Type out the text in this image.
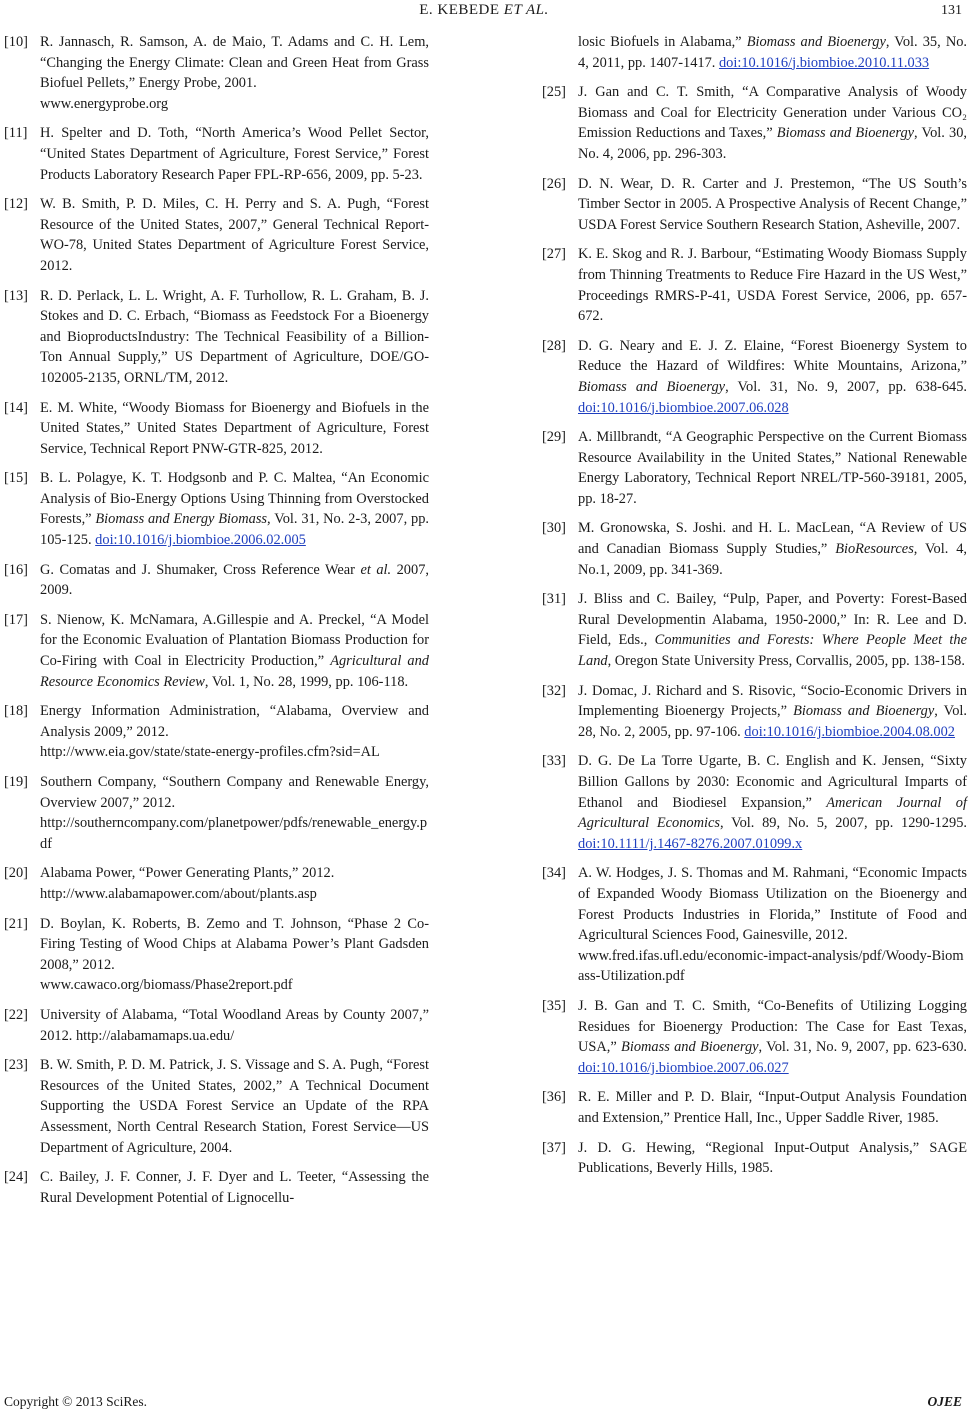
E. KEBEDE ET AL.	131
[10] R. Jannasch, R. Samson, A. de Maio, T. Adams and C. H. Lem, “Changing the Energy Climate: Clean and Green Heat from Grass Biofuel Pellets,” Energy Probe, 2001.
www.energyprobe.org
[11] H. Spelter and D. Toth, “North America’s Wood Pellet Sector, “United States Department of Agriculture, Forest Service,” Forest Products Laboratory Research Paper FPL-RP-656, 2009, pp. 5-23.
[12] W. B. Smith, P. D. Miles, C. H. Perry and S. A. Pugh, “Forest Resource of the United States, 2007,” General Technical Report-WO-78, United States Department of Agriculture Forest Service, 2012.
[13] R. D. Perlack, L. L. Wright, A. F. Turhollow, R. L. Graham, B. J. Stokes and D. C. Erbach, “Biomass as Feedstock For a Bioenergy and BioproductsIndustry: The Technical Feasibility of a Billion-Ton Annual Supply,” US Department of Agriculture, DOE/GO-102005-2135, ORNL/TM, 2012.
[14] E. M. White, “Woody Biomass for Bioenergy and Biofuels in the United States,” United States Department of Agriculture, Forest Service, Technical Report PNW-GTR-825, 2012.
[15] B. L. Polagye, K. T. Hodgsonb and P. C. Maltea, “An Economic Analysis of Bio-Energy Options Using Thinning from Overstocked Forests,” Biomass and Energy Biomass, Vol. 31, No. 2-3, 2007, pp. 105-125. doi:10.1016/j.biombioe.2006.02.005
[16] G. Comatas and J. Shumaker, Cross Reference Wear et al. 2007, 2009.
[17] S. Nienow, K. McNamara, A.Gillespie and A. Preckel, “A Model for the Economic Evaluation of Plantation Biomass Production for Co-Firing with Coal in Electricity Production,” Agricultural and Resource Economics Review, Vol. 1, No. 28, 1999, pp. 106-118.
[18] Energy Information Administration, “Alabama, Overview and Analysis 2009,” 2012.
http://www.eia.gov/state/state-energy-profiles.cfm?sid=AL
[19] Southern Company, “Southern Company and Renewable Energy, Overview 2007,” 2012.
http://southerncompany.com/planetpower/pdfs/renewable_energy.pdf
[20] Alabama Power, “Power Generating Plants,” 2012.
http://www.alabamapower.com/about/plants.asp
[21] D. Boylan, K. Roberts, B. Zemo and T. Johnson, “Phase 2 Co-Firing Testing of Wood Chips at Alabama Power’s Plant Gadsden 2008,” 2012.
www.cawaco.org/biomass/Phase2report.pdf
[22] University of Alabama, “Total Woodland Areas by County 2007,” 2012. http://alabamamaps.ua.edu/
[23] B. W. Smith, P. D. M. Patrick, J. S. Vissage and S. A. Pugh, “Forest Resources of the United States, 2002,” A Technical Document Supporting the USDA Forest Service an Update of the RPA Assessment, North Central Research Station, Forest Service—US Department of Agriculture, 2004.
[24] C. Bailey, J. F. Conner, J. F. Dyer and L. Teeter, “Assessing the Rural Development Potential of Lignocellu-
losic Biofuels in Alabama,” Biomass and Bioenergy, Vol. 35, No. 4, 2011, pp. 1407-1417. doi:10.1016/j.biombioe.2010.11.033
[25] J. Gan and C. T. Smith, “A Comparative Analysis of Woody Biomass and Coal for Electricity Generation under Various CO₂ Emission Reductions and Taxes,” Biomass and Bioenergy, Vol. 30, No. 4, 2006, pp. 296-303.
[26] D. N. Wear, D. R. Carter and J. Prestemon, “The US South’s Timber Sector in 2005. A Prospective Analysis of Recent Change,” USDA Forest Service Southern Research Station, Asheville, 2007.
[27] K. E. Skog and R. J. Barbour, “Estimating Woody Biomass Supply from Thinning Treatments to Reduce Fire Hazard in the US West,” Proceedings RMRS-P-41, USDA Forest Service, 2006, pp. 657-672.
[28] D. G. Neary and E. J. Z. Elaine, “Forest Bioenergy System to Reduce the Hazard of Wildfires: White Mountains, Arizona,” Biomass and Bioenergy, Vol. 31, No. 9, 2007, pp. 638-645. doi:10.1016/j.biombioe.2007.06.028
[29] A. Millbrandt, “A Geographic Perspective on the Current Biomass Resource Availability in the United States,” National Renewable Energy Laboratory, Technical Report NREL/TP-560-39181, 2005, pp. 18-27.
[30] M. Gronowska, S. Joshi. and H. L. MacLean, “A Review of US and Canadian Biomass Supply Studies,” BioResources, Vol. 4, No.1, 2009, pp. 341-369.
[31] J. Bliss and C. Bailey, “Pulp, Paper, and Poverty: Forest-Based Rural Developmentin Alabama, 1950-2000,” In: R. Lee and D. Field, Eds., Communities and Forests: Where People Meet the Land, Oregon State University Press, Corvallis, 2005, pp. 138-158.
[32] J. Domac, J. Richard and S. Risovic, “Socio-Economic Drivers in Implementing Bioenergy Projects,” Biomass and Bioenergy, Vol. 28, No. 2, 2005, pp. 97-106. doi:10.1016/j.biombioe.2004.08.002
[33] D. G. De La Torre Ugarte, B. C. English and K. Jensen, “Sixty Billion Gallons by 2030: Economic and Agricultural Imparts of Ethanol and Biodiesel Expansion,” American Journal of Agricultural Economics, Vol. 89, No. 5, 2007, pp. 1290-1295. doi:10.1111/j.1467-8276.2007.01099.x
[34] A. W. Hodges, J. S. Thomas and M. Rahmani, “Economic Impacts of Expanded Woody Biomass Utilization on the Bioenergy and Forest Products Industries in Florida,” Institute of Food and Agricultural Sciences Food, Gainesville, 2012.
www.fred.ifas.ufl.edu/economic-impact-analysis/pdf/Woody-Biomass-Utilization.pdf
[35] J. B. Gan and T. C. Smith, “Co-Benefits of Utilizing Logging Residues for Bioenergy Production: The Case for East Texas, USA,” Biomass and Bioenergy, Vol. 31, No. 9, 2007, pp. 623-630. doi:10.1016/j.biombioe.2007.06.027
[36] R. E. Miller and P. D. Blair, “Input-Output Analysis Foundation and Extension,” Prentice Hall, Inc., Upper Saddle River, 1985.
[37] J. D. G. Hewing, “Regional Input-Output Analysis,” SAGE Publications, Beverly Hills, 1985.
Copyright © 2013 SciRes.	OJEE
